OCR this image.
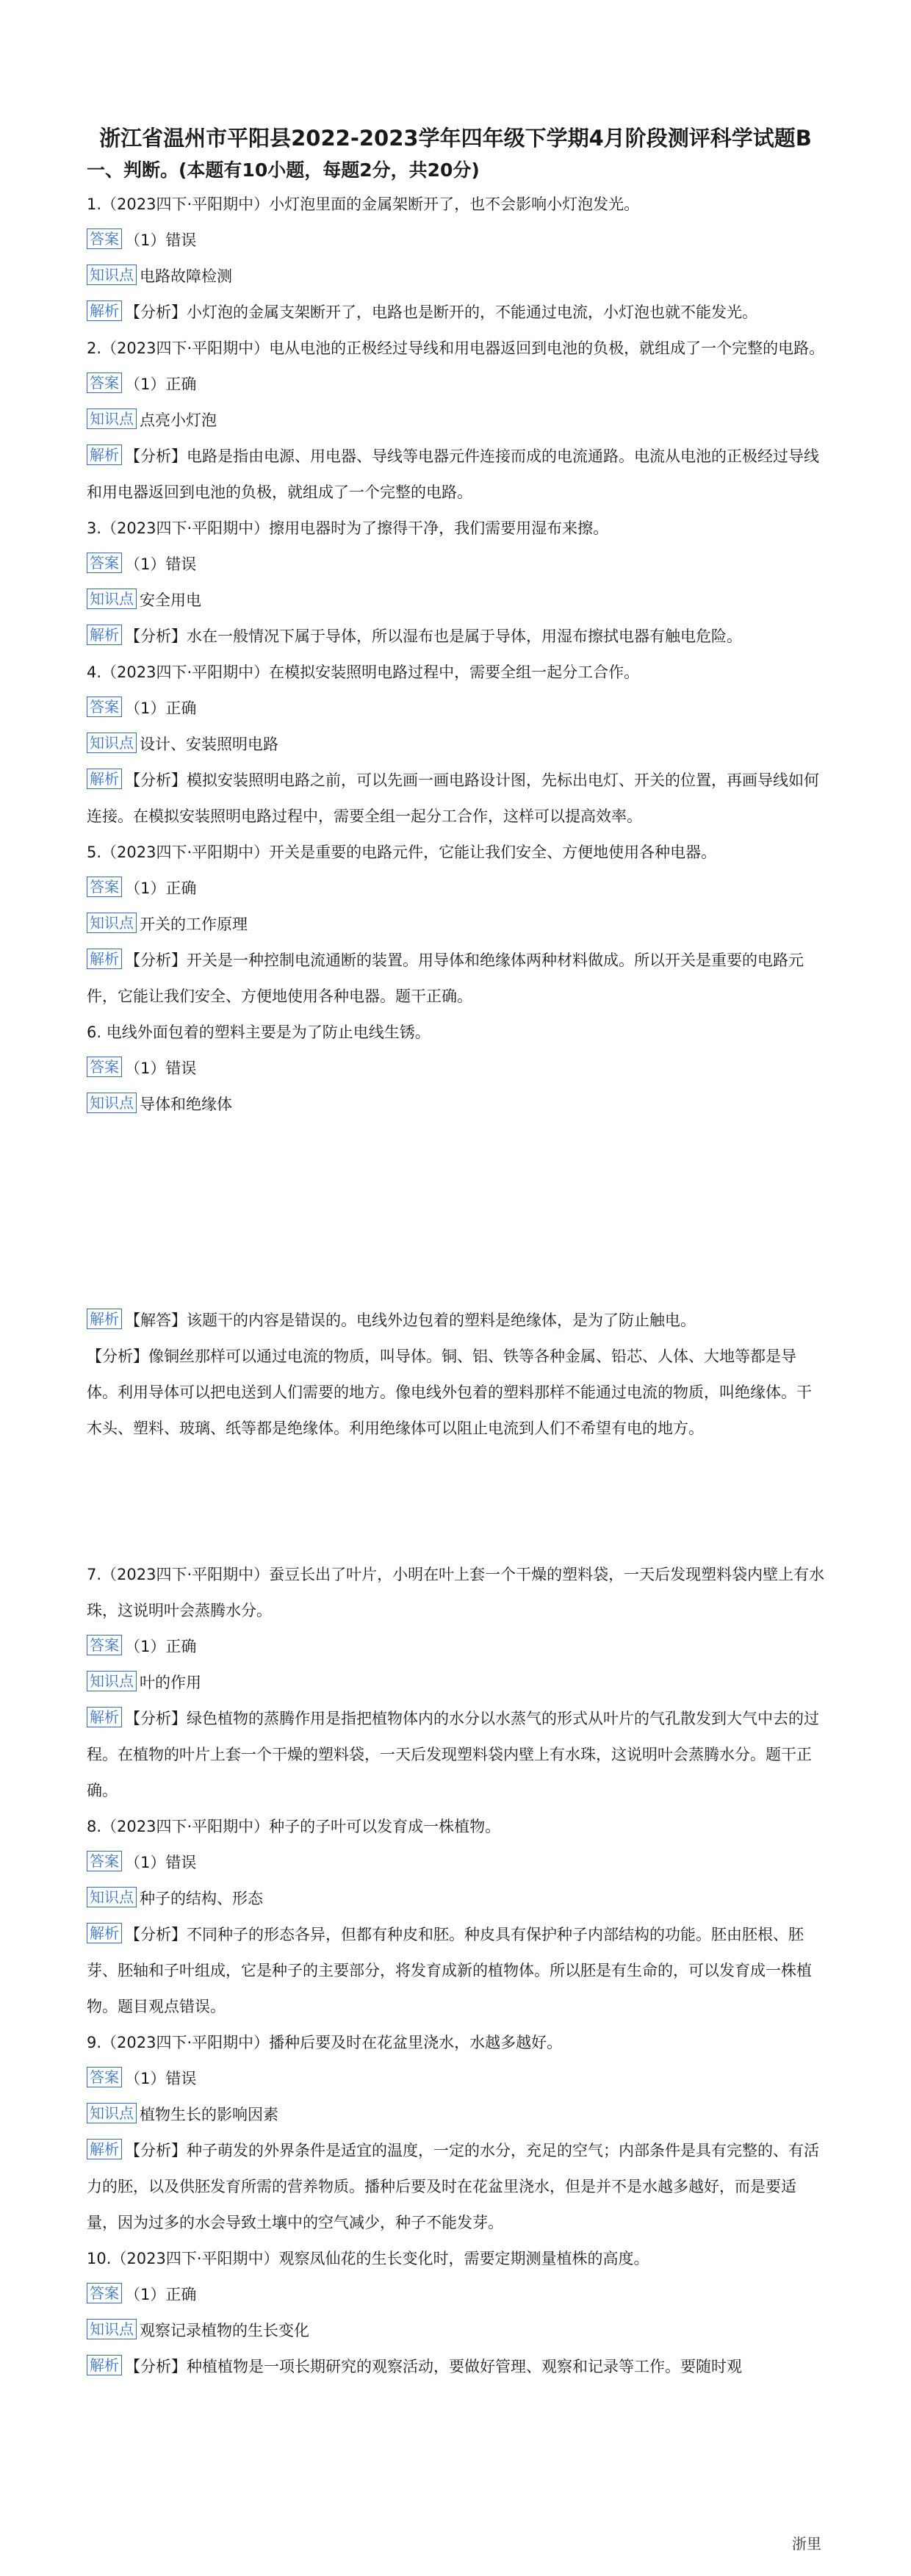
浙江省温州市平阳县2022-2023学年四年级下学期4月阶段测评科学试题B
一、判断。(本题有10小题，每题2分，共20分)

1.（2023四下·平阳期中）小灯泡里面的金属架断开了，也不会影响小灯泡发光。

答案 （1）错误

知识点 电路故障检测

解析 【分析】小灯泡的金属支架断开了，电路也是断开的，不能通过电流，小灯泡也就不能发光。

2.（2023四下·平阳期中）电从电池的正极经过导线和用电器返回到电池的负极，就组成了一个完整的电路。

答案 （1）正确

知识点 点亮小灯泡

解析 【分析】电路是指由电源、用电器、导线等电器元件连接而成的电流通路。电流从电池的正极经过导线和用电器返回到电池的负极，就组成了一个完整的电路。

3.（2023四下·平阳期中）擦用电器时为了擦得干净，我们需要用湿布来擦。

答案 （1）错误

知识点 安全用电

解析 【分析】水在一般情况下属于导体，所以湿布也是属于导体，用湿布擦拭电器有触电危险。

4.（2023四下·平阳期中）在模拟安装照明电路过程中，需要全组一起分工合作。

答案 （1）正确

知识点 设计、安装照明电路

解析 【分析】模拟安装照明电路之前，可以先画一画电路设计图，先标出电灯、开关的位置，再画导线如何连接。在模拟安装照明电路过程中，需要全组一起分工合作，这样可以提高效率。

5.（2023四下·平阳期中）开关是重要的电路元件，它能让我们安全、方便地使用各种电器。

答案 （1）正确

知识点 开关的工作原理

解析 【分析】开关是一种控制电流通断的装置。用导体和绝缘体两种材料做成。所以开关是重要的电路元件，它能让我们安全、方便地使用各种电器。题干正确。

6. 电线外面包着的塑料主要是为了防止电线生锈。

答案 （1）错误

知识点 导体和绝缘体

解析 【解答】该题干的内容是错误的。电线外边包着的塑料是绝缘体，是为了防止触电。

【分析】像铜丝那样可以通过电流的物质，叫导体。铜、铝、铁等各种金属、铅芯、人体、大地等都是导体。利用导体可以把电送到人们需要的地方。像电线外包着的塑料那样不能通过电流的物质，叫绝缘体。干木头、塑料、玻璃、纸等都是绝缘体。利用绝缘体可以阻止电流到人们不希望有电的地方。

7.（2023四下·平阳期中）蚕豆长出了叶片，小明在叶上套一个干燥的塑料袋，一天后发现塑料袋内壁上有水珠，这说明叶会蒸腾水分。

答案 （1）正确

知识点 叶的作用

解析 【分析】绿色植物的蒸腾作用是指把植物体内的水分以水蒸气的形式从叶片的气孔散发到大气中去的过程。在植物的叶片上套一个干燥的塑料袋，一天后发现塑料袋内壁上有水珠，这说明叶会蒸腾水分。题干正确。

8.（2023四下·平阳期中）种子的子叶可以发育成一株植物。

答案 （1）错误

知识点 种子的结构、形态

解析 【分析】不同种子的形态各异，但都有种皮和胚。种皮具有保护种子内部结构的功能。胚由胚根、胚芽、胚轴和子叶组成，它是种子的主要部分，将发育成新的植物体。所以胚是有生命的，可以发育成一株植物。题目观点错误。

9.（2023四下·平阳期中）播种后要及时在花盆里浇水，水越多越好。

答案 （1）错误

知识点 植物生长的影响因素

解析 【分析】种子萌发的外界条件是适宜的温度，一定的水分，充足的空气；内部条件是具有完整的、有活力的胚，以及供胚发育所需的营养物质。播种后要及时在花盆里浇水，但是并不是水越多越好，而是要适量，因为过多的水会导致土壤中的空气减少，种子不能发芽。

10.（2023四下·平阳期中）观察凤仙花的生长变化时，需要定期测量植株的高度。

答案 （1）正确

知识点 观察记录植物的生长变化

解析 【分析】种植植物是一项长期研究的观察活动，要做好管理、观察和记录等工作。要随时观

浙里
